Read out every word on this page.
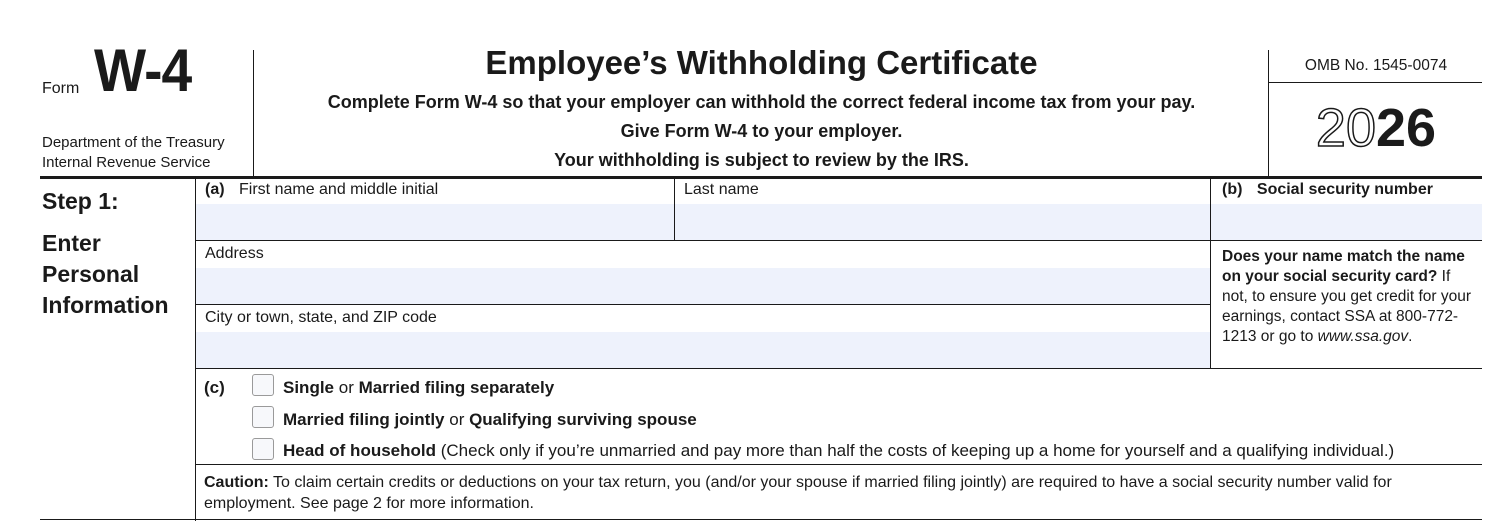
Form W-4
Department of the Treasury
Internal Revenue Service
Employee’s Withholding Certificate
Complete Form W-4 so that your employer can withhold the correct federal income tax from your pay.
Give Form W-4 to your employer.
Your withholding is subject to review by the IRS.
OMB No. 1545-0074
2026
Step 1:
Enter
Personal
Information
(a) First name and middle initial	Last name	(b) Social security number
Address
City or town, state, and ZIP code
Does your name match the name on your social security card? If not, to ensure you get credit for your earnings, contact SSA at 800-772-1213 or go to www.ssa.gov.
(c)	Single or Married filing separately
Married filing jointly or Qualifying surviving spouse
Head of household (Check only if you’re unmarried and pay more than half the costs of keeping up a home for yourself and a qualifying individual.)
Caution: To claim certain credits or deductions on your tax return, you (and/or your spouse if married filing jointly) are required to have a social security number valid for employment. See page 2 for more information.
